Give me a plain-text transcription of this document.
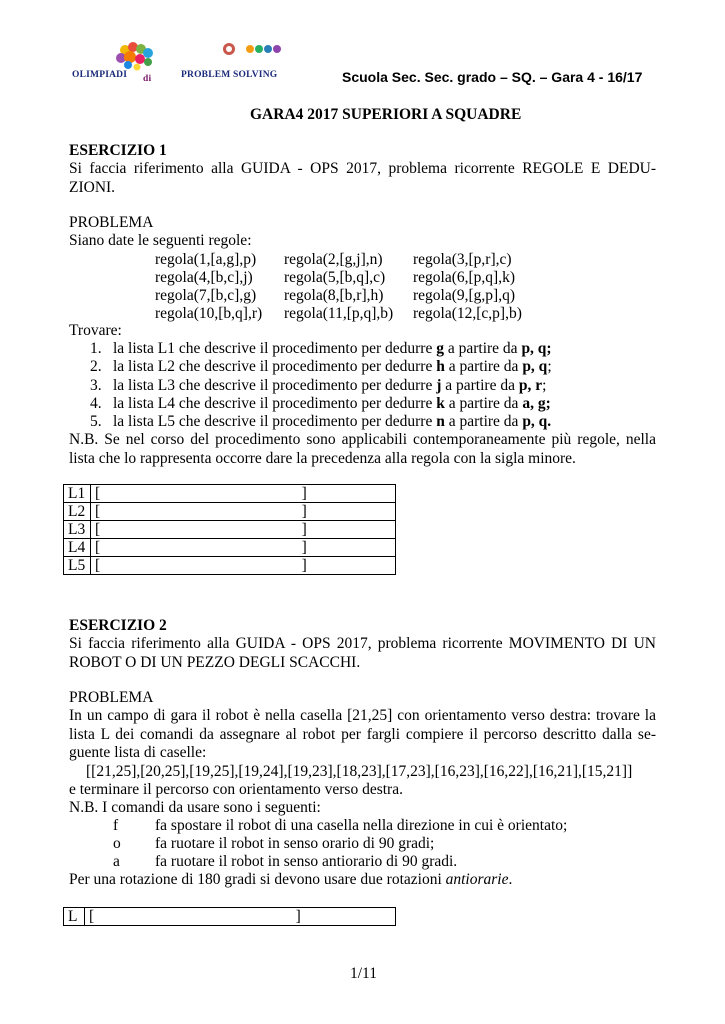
OLIMPIADI di	PROBLEM SOLVING	Scuola Sec. Sec. grado – SQ. – Gara 4 - 16/17
GARA4 2017 SUPERIORI A SQUADRE
ESERCIZIO 1
Si faccia riferimento alla GUIDA - OPS 2017, problema ricorrente REGOLE E DEDU-ZIONI.
PROBLEMA
Siano date le seguenti regole:
regola(1,[a,g],p) regola(2,[g,j],n) regola(3,[p,r],c)
regola(4,[b,c],j) regola(5,[b,q],c) regola(6,[p,q],k)
regola(7,[b,c],g) regola(8,[b,r],h) regola(9,[g,p],q)
regola(10,[b,q],r) regola(11,[p,q],b) regola(12,[c,p],b)
Trovare:
1. la lista L1 che descrive il procedimento per dedurre g a partire da p, q;
2. la lista L2 che descrive il procedimento per dedurre h a partire da p, q;
3. la lista L3 che descrive il procedimento per dedurre j a partire da p, r;
4. la lista L4 che descrive il procedimento per dedurre k a partire da a, g;
5. la lista L5 che descrive il procedimento per dedurre n a partire da p, q.
N.B. Se nel corso del procedimento sono applicabili contemporaneamente più regole, nella lista che lo rappresenta occorre dare la precedenza alla regola con la sigla minore.
L1	[                                                    ]
L2	[                                                    ]
L3	[                                                    ]
L4	[                                                    ]
L5	[                                                    ]
ESERCIZIO 2
Si faccia riferimento alla GUIDA - OPS 2017, problema ricorrente MOVIMENTO DI UN ROBOT O DI UN PEZZO DEGLI SCACCHI.
PROBLEMA
In un campo di gara il robot è nella casella [21,25] con orientamento verso destra: trovare la lista L dei comandi da assegnare al robot per fargli compiere il percorso descritto dalla se-guente lista di caselle:
[[21,25],[20,25],[19,25],[19,24],[19,23],[18,23],[17,23],[16,23],[16,22],[16,21],[15,21]]
e terminare il percorso con orientamento verso destra.
N.B. I comandi da usare sono i seguenti:
f fa spostare il robot di una casella nella direzione in cui è orientato;
o fa ruotare il robot in senso orario di 90 gradi;
a fa ruotare il robot in senso antiorario di 90 gradi.
Per una rotazione di 180 gradi si devono usare due rotazioni antiorarie.
L	[                                                    ]
1/11
